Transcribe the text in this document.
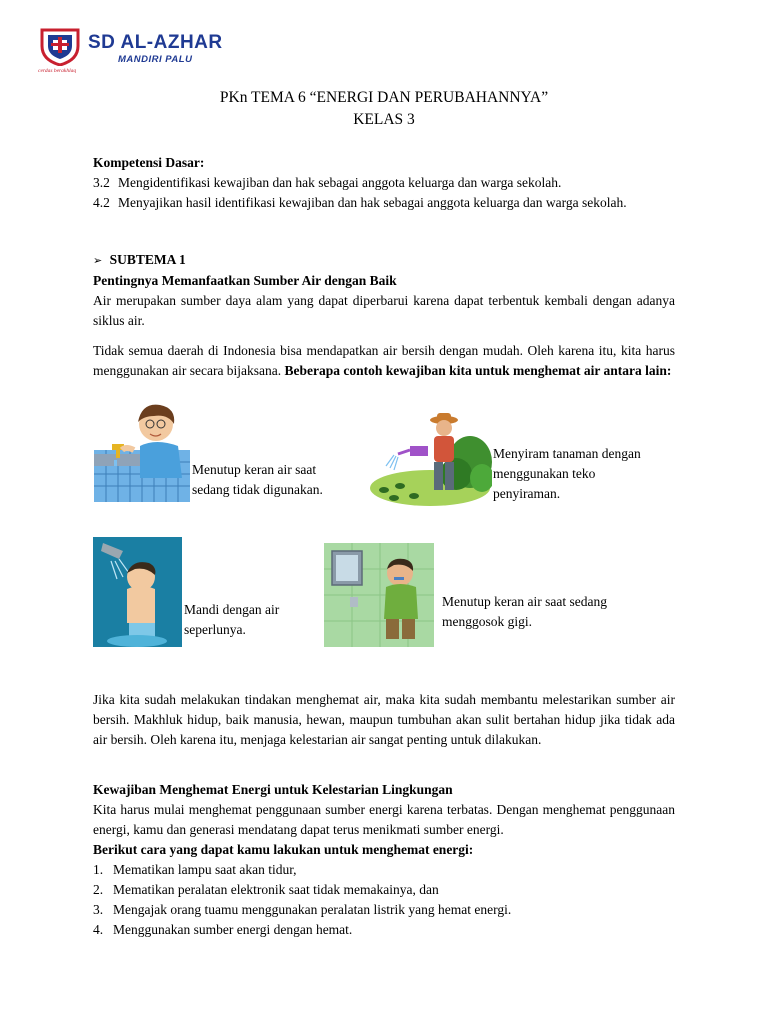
SD AL-AZHAR
MANDIRI PALU
cerdas berakhlaq
PKn TEMA 6 “ENERGI DAN PERUBAHANNYA”
KELAS 3
Kompetensi Dasar:
3.2 Mengidentifikasi kewajiban dan hak sebagai anggota keluarga dan warga sekolah.
4.2 Menyajikan hasil identifikasi kewajiban dan hak sebagai anggota keluarga dan warga sekolah.
➢ SUBTEMA 1
Pentingnya Memanfaatkan Sumber Air dengan Baik

Air merupakan sumber daya alam yang dapat diperbarui karena dapat terbentuk kembali dengan adanya siklus air.

Tidak semua daerah di Indonesia bisa mendapatkan air bersih dengan mudah. Oleh karena itu, kita harus menggunakan air secara bijaksana. Beberapa contoh kewajiban kita untuk menghemat air antara lain:

Menutup keran air saat sedang tidak digunakan.
Menyiram tanaman dengan menggunakan teko penyiraman.
Mandi dengan air seperlunya.
Menutup keran air saat sedang menggosok gigi.

Jika kita sudah melakukan tindakan menghemat air, maka kita sudah membantu melestarikan sumber air bersih. Makhluk hidup, baik manusia, hewan, maupun tumbuhan akan sulit bertahan hidup jika tidak ada air bersih. Oleh karena itu, menjaga kelestarian air sangat penting untuk dilakukan.

Kewajiban Menghemat Energi untuk Kelestarian Lingkungan

Kita harus mulai menghemat penggunaan sumber energi karena terbatas. Dengan menghemat penggunaan energi, kamu dan generasi mendatang dapat terus menikmati sumber energi.

Berikut cara yang dapat kamu lakukan untuk menghemat energi:
1. Mematikan lampu saat akan tidur,
2. Mematikan peralatan elektronik saat tidak memakainya, dan
3. Mengajak orang tuamu menggunakan peralatan listrik yang hemat energi.
4. Menggunakan sumber energi dengan hemat.
